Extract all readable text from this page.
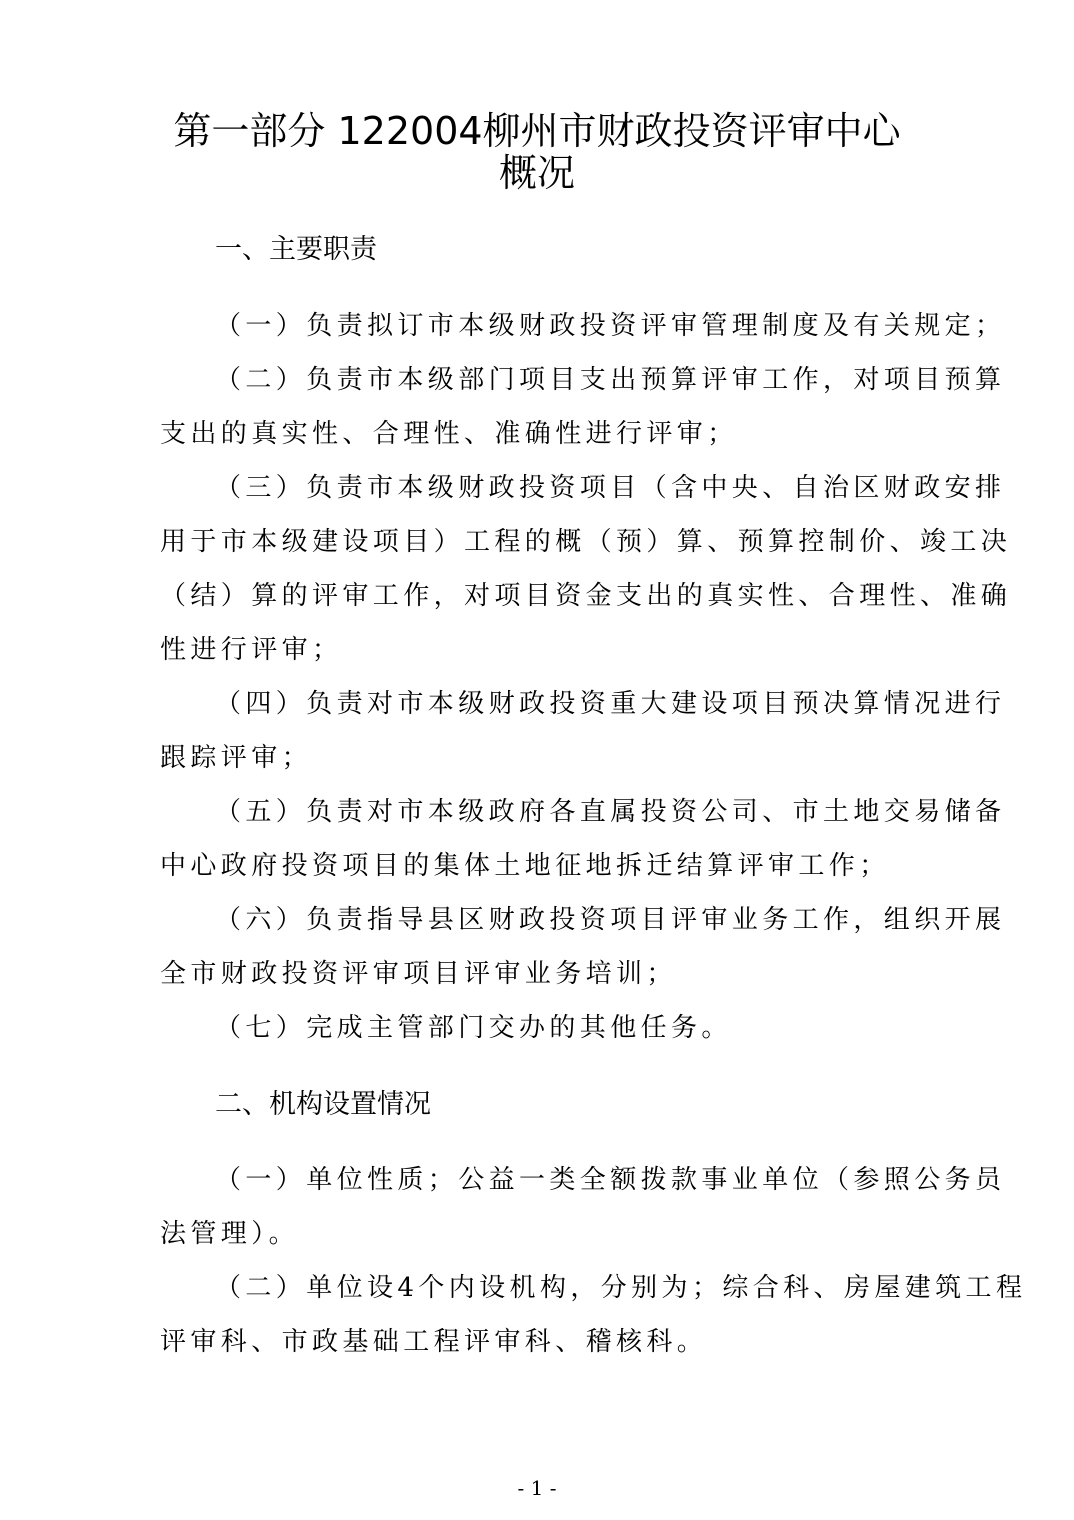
第一部分 122004柳州市财政投资评审中心
概况
一、主要职责

（一）负责拟订市本级财政投资评审管理制度及有关规定；

（二）负责市本级部门项目支出预算评审工作，对项目预算

支出的真实性、合理性、准确性进行评审；

（三）负责市本级财政投资项目（含中央、自治区财政安排

用于市本级建设项目）工程的概（预）算、预算控制价、竣工决

（结）算的评审工作，对项目资金支出的真实性、合理性、准确

性进行评审；

（四）负责对市本级财政投资重大建设项目预决算情况进行

跟踪评审；

（五）负责对市本级政府各直属投资公司、市土地交易储备

中心政府投资项目的集体土地征地拆迁结算评审工作；

（六）负责指导县区财政投资项目评审业务工作，组织开展

全市财政投资评审项目评审业务培训；

（七）完成主管部门交办的其他任务。

二、机构设置情况

（一）单位性质；公益一类全额拨款事业单位（参照公务员

法管理）。

（二）单位设4个内设机构，分别为；综合科、房屋建筑工程

评审科、市政基础工程评审科、稽核科。

- 1 -
